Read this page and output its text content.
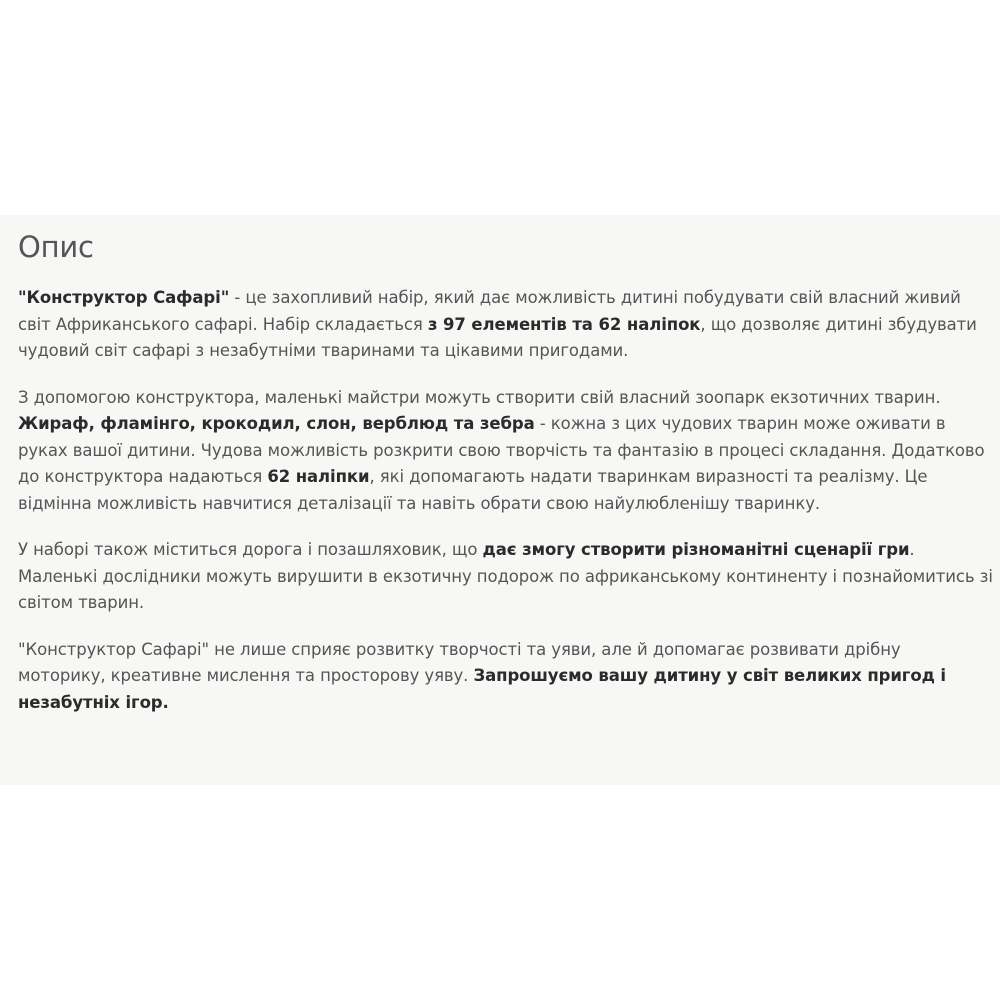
Опис

"Конструктор Сафарі" - це захопливий набір, який дає можливість дитині побудувати свій власний живий світ Африканського сафарі. Набір складається з 97 елементів та 62 наліпок, що дозволяє дитині збудувати чудовий світ сафарі з незабутніми тваринами та цікавими пригодами.

З допомогою конструктора, маленькі майстри можуть створити свій власний зоопарк екзотичних тварин. Жираф, фламінго, крокодил, слон, верблюд та зебра - кожна з цих чудових тварин може оживати в руках вашої дитини. Чудова можливість розкрити свою творчість та фантазію в процесі складання. Додатково до конструктора надаються 62 наліпки, які допомагають надати тваринкам виразності та реалізму. Це відмінна можливість навчитися деталізації та навіть обрати свою найулюбленішу тваринку.

У наборі також міститься дорога і позашляховик, що дає змогу створити різноманітні сценарії гри. Маленькі дослідники можуть вирушити в екзотичну подорож по африканському континенту і познайомитись зі світом тварин.

"Конструктор Сафарі" не лише сприяє розвитку творчості та уяви, але й допомагає розвивати дрібну моторику, креативне мислення та просторову уяву. Запрошуємо вашу дитину у світ великих пригод і незабутніх ігор.
